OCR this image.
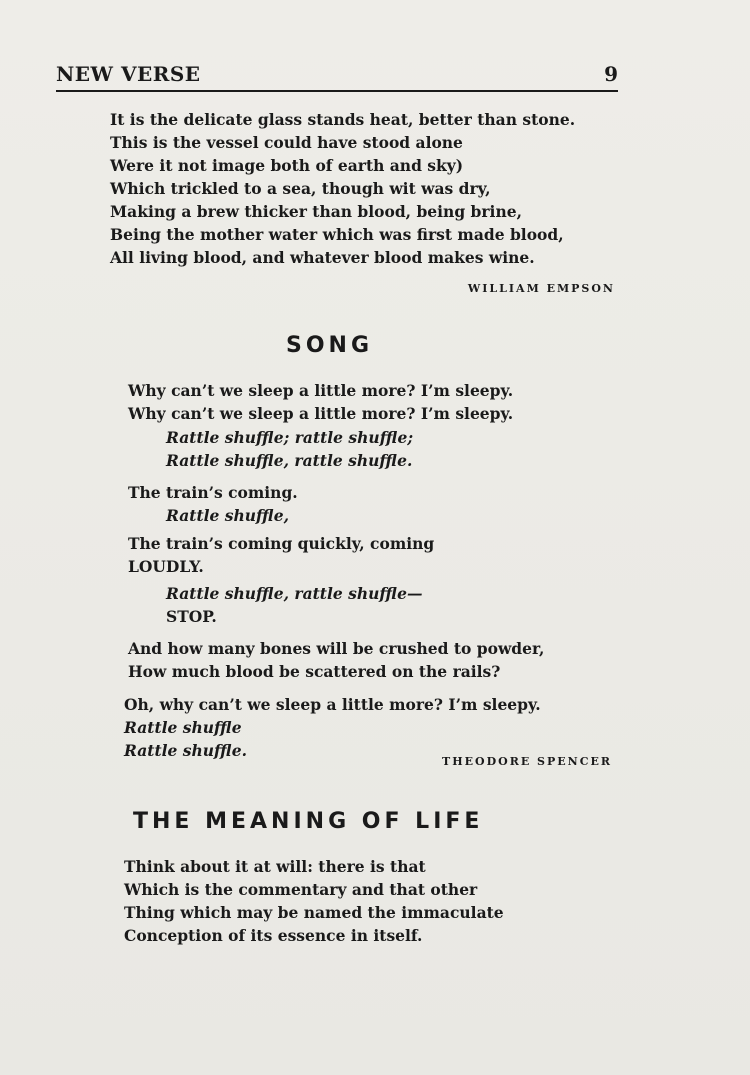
NEW VERSE	9
It is the delicate glass stands heat, better than stone.
This is the vessel could have stood alone
Were it not image both of earth and sky)
Which trickled to a sea, though wit was dry,
Making a brew thicker than blood, being brine,
Being the mother water which was first made blood,
All living blood, and whatever blood makes wine.
WILLIAM EMPSON
SONG
Why can’t we sleep a little more? I’m sleepy.
Why can’t we sleep a little more? I’m sleepy.
Rattle shuffle; rattle shuffle;
Rattle shuffle, rattle shuffle.
The train’s coming.
Rattle shuffle,
The train’s coming quickly, coming
LOUDLY.
Rattle shuffle, rattle shuffle—
STOP.
And how many bones will be crushed to powder,
How much blood be scattered on the rails?
Oh, why can’t we sleep a little more? I’m sleepy.
Rattle shuffle
Rattle shuffle.
THEODORE SPENCER
THE MEANING OF LIFE
Think about it at will: there is that
Which is the commentary and that other
Thing which may be named the immaculate
Conception of its essence in itself.
